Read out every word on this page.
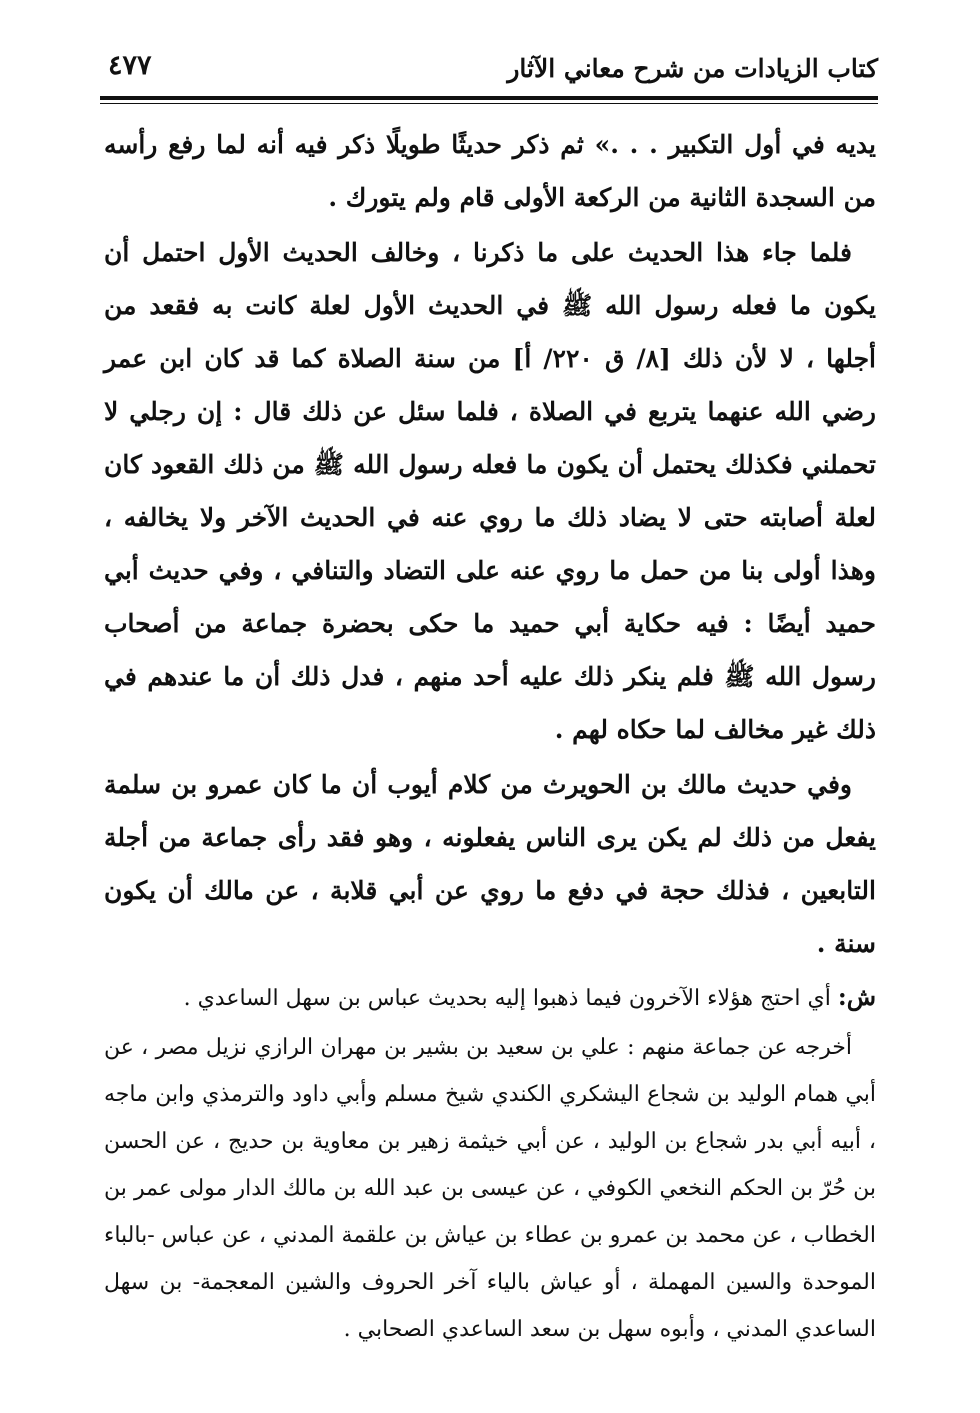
كتاب الزيادات من شرح معاني الآثار
٤٧٧

يديه في أول التكبير . . .» ثم ذكر حديثًا طويلًا ذكر فيه أنه لما رفع رأسه من السجدة الثانية من الركعة الأولى قام ولم يتورك .

فلما جاء هذا الحديث على ما ذكرنا ، وخالف الحديث الأول احتمل أن يكون ما فعله رسول الله ﷺ في الحديث الأول لعلة كانت به فقعد من أجلها ، لا لأن ذلك [٨/ ق ٢٢٠/ أ] من سنة الصلاة كما قد كان ابن عمر رضي الله عنهما يتربع في الصلاة ، فلما سئل عن ذلك قال : إن رجلي لا تحملني فكذلك يحتمل أن يكون ما فعله رسول الله ﷺ من ذلك القعود كان لعلة أصابته حتى لا يضاد ذلك ما روي عنه في الحديث الآخر ولا يخالفه ، وهذا أولى بنا من حمل ما روي عنه على التضاد والتنافي ، وفي حديث أبي حميد أيضًا : فيه حكاية أبي حميد ما حكى بحضرة جماعة من أصحاب رسول الله ﷺ فلم ينكر ذلك عليه أحد منهم ، فدل ذلك أن ما عندهم في ذلك غير مخالف لما حكاه لهم .

وفي حديث مالك بن الحويرث من كلام أيوب أن ما كان عمرو بن سلمة يفعل من ذلك لم يكن يرى الناس يفعلونه ، وهو فقد رأى جماعة من أجلة التابعين ، فذلك حجة في دفع ما روي عن أبي قلابة ، عن مالك أن يكون سنة .

ش: أي احتج هؤلاء الآخرون فيما ذهبوا إليه بحديث عباس بن سهل الساعدي .

أخرجه عن جماعة منهم : علي بن سعيد بن بشير بن مهران الرازي نزيل مصر ، عن أبي همام الوليد بن شجاع اليشكري الكندي شيخ مسلم وأبي داود والترمذي وابن ماجه ، أبيه أبي بدر شجاع بن الوليد ، عن أبي خيثمة زهير بن معاوية بن حديج ، عن الحسن بن حُرّ بن الحكم النخعي الكوفي ، عن عيسى بن عبد الله بن مالك الدار مولى عمر بن الخطاب ، عن محمد بن عمرو بن عطاء بن عياش بن علقمة المدني ، عن عباس -بالباء الموحدة والسين المهملة ، أو عياش بالياء آخر الحروف والشين المعجمة- بن سهل الساعدي المدني ، وأبوه سهل بن سعد الساعدي الصحابي .
